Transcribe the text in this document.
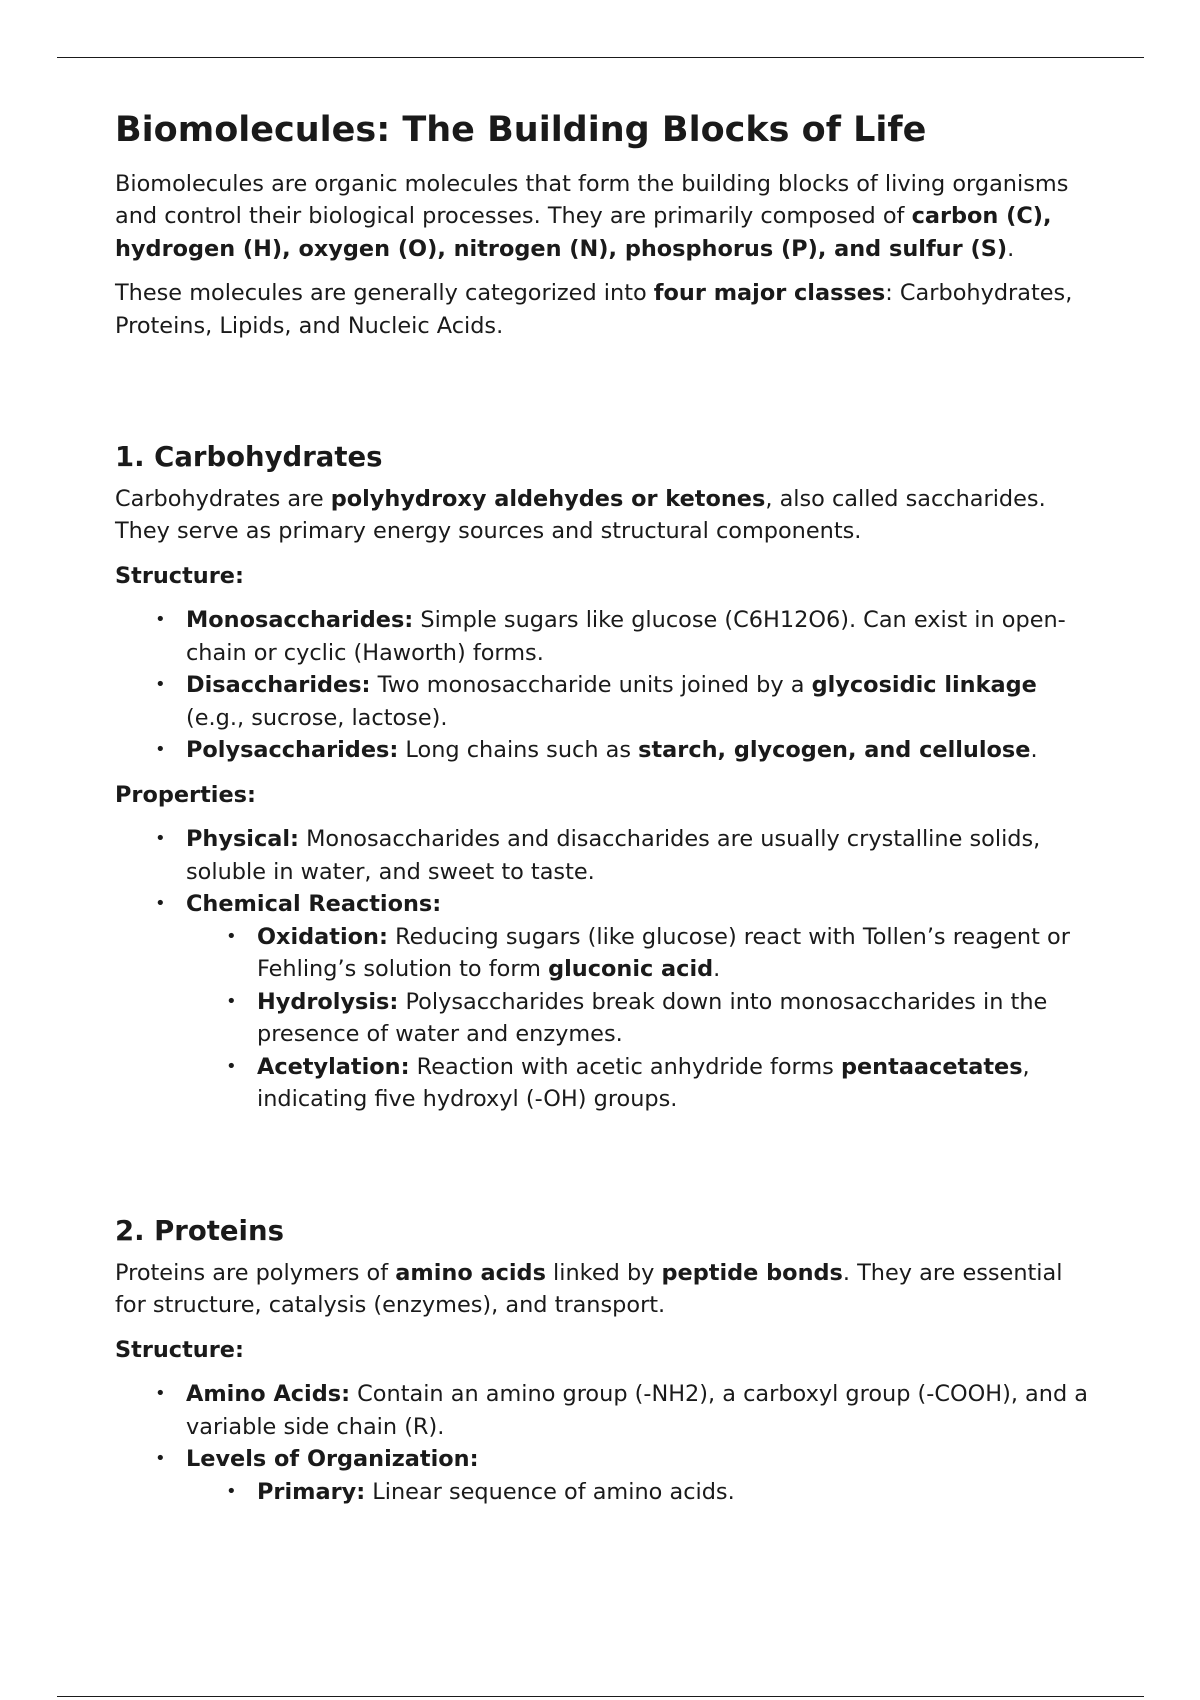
Biomolecules: The Building Blocks of Life

Biomolecules are organic molecules that form the building blocks of living organisms and control their biological processes. They are primarily composed of carbon (C), hydrogen (H), oxygen (O), nitrogen (N), phosphorus (P), and sulfur (S).

These molecules are generally categorized into four major classes: Carbohydrates, Proteins, Lipids, and Nucleic Acids.

1. Carbohydrates

Carbohydrates are polyhydroxy aldehydes or ketones, also called saccharides. They serve as primary energy sources and structural components.

Structure:

• Monosaccharides: Simple sugars like glucose (C6H12O6). Can exist in open-chain or cyclic (Haworth) forms.
• Disaccharides: Two monosaccharide units joined by a glycosidic linkage (e.g., sucrose, lactose).
• Polysaccharides: Long chains such as starch, glycogen, and cellulose.

Properties:

• Physical: Monosaccharides and disaccharides are usually crystalline solids, soluble in water, and sweet to taste.
• Chemical Reactions:
• Oxidation: Reducing sugars (like glucose) react with Tollen’s reagent or Fehling’s solution to form gluconic acid.
• Hydrolysis: Polysaccharides break down into monosaccharides in the presence of water and enzymes.
• Acetylation: Reaction with acetic anhydride forms pentaacetates, indicating five hydroxyl (-OH) groups.
2. Proteins

Proteins are polymers of amino acids linked by peptide bonds. They are essential for structure, catalysis (enzymes), and transport.

Structure:

• Amino Acids: Contain an amino group (-NH2), a carboxyl group (-COOH), and a variable side chain (R).
• Levels of Organization:
• Primary: Linear sequence of amino acids.
